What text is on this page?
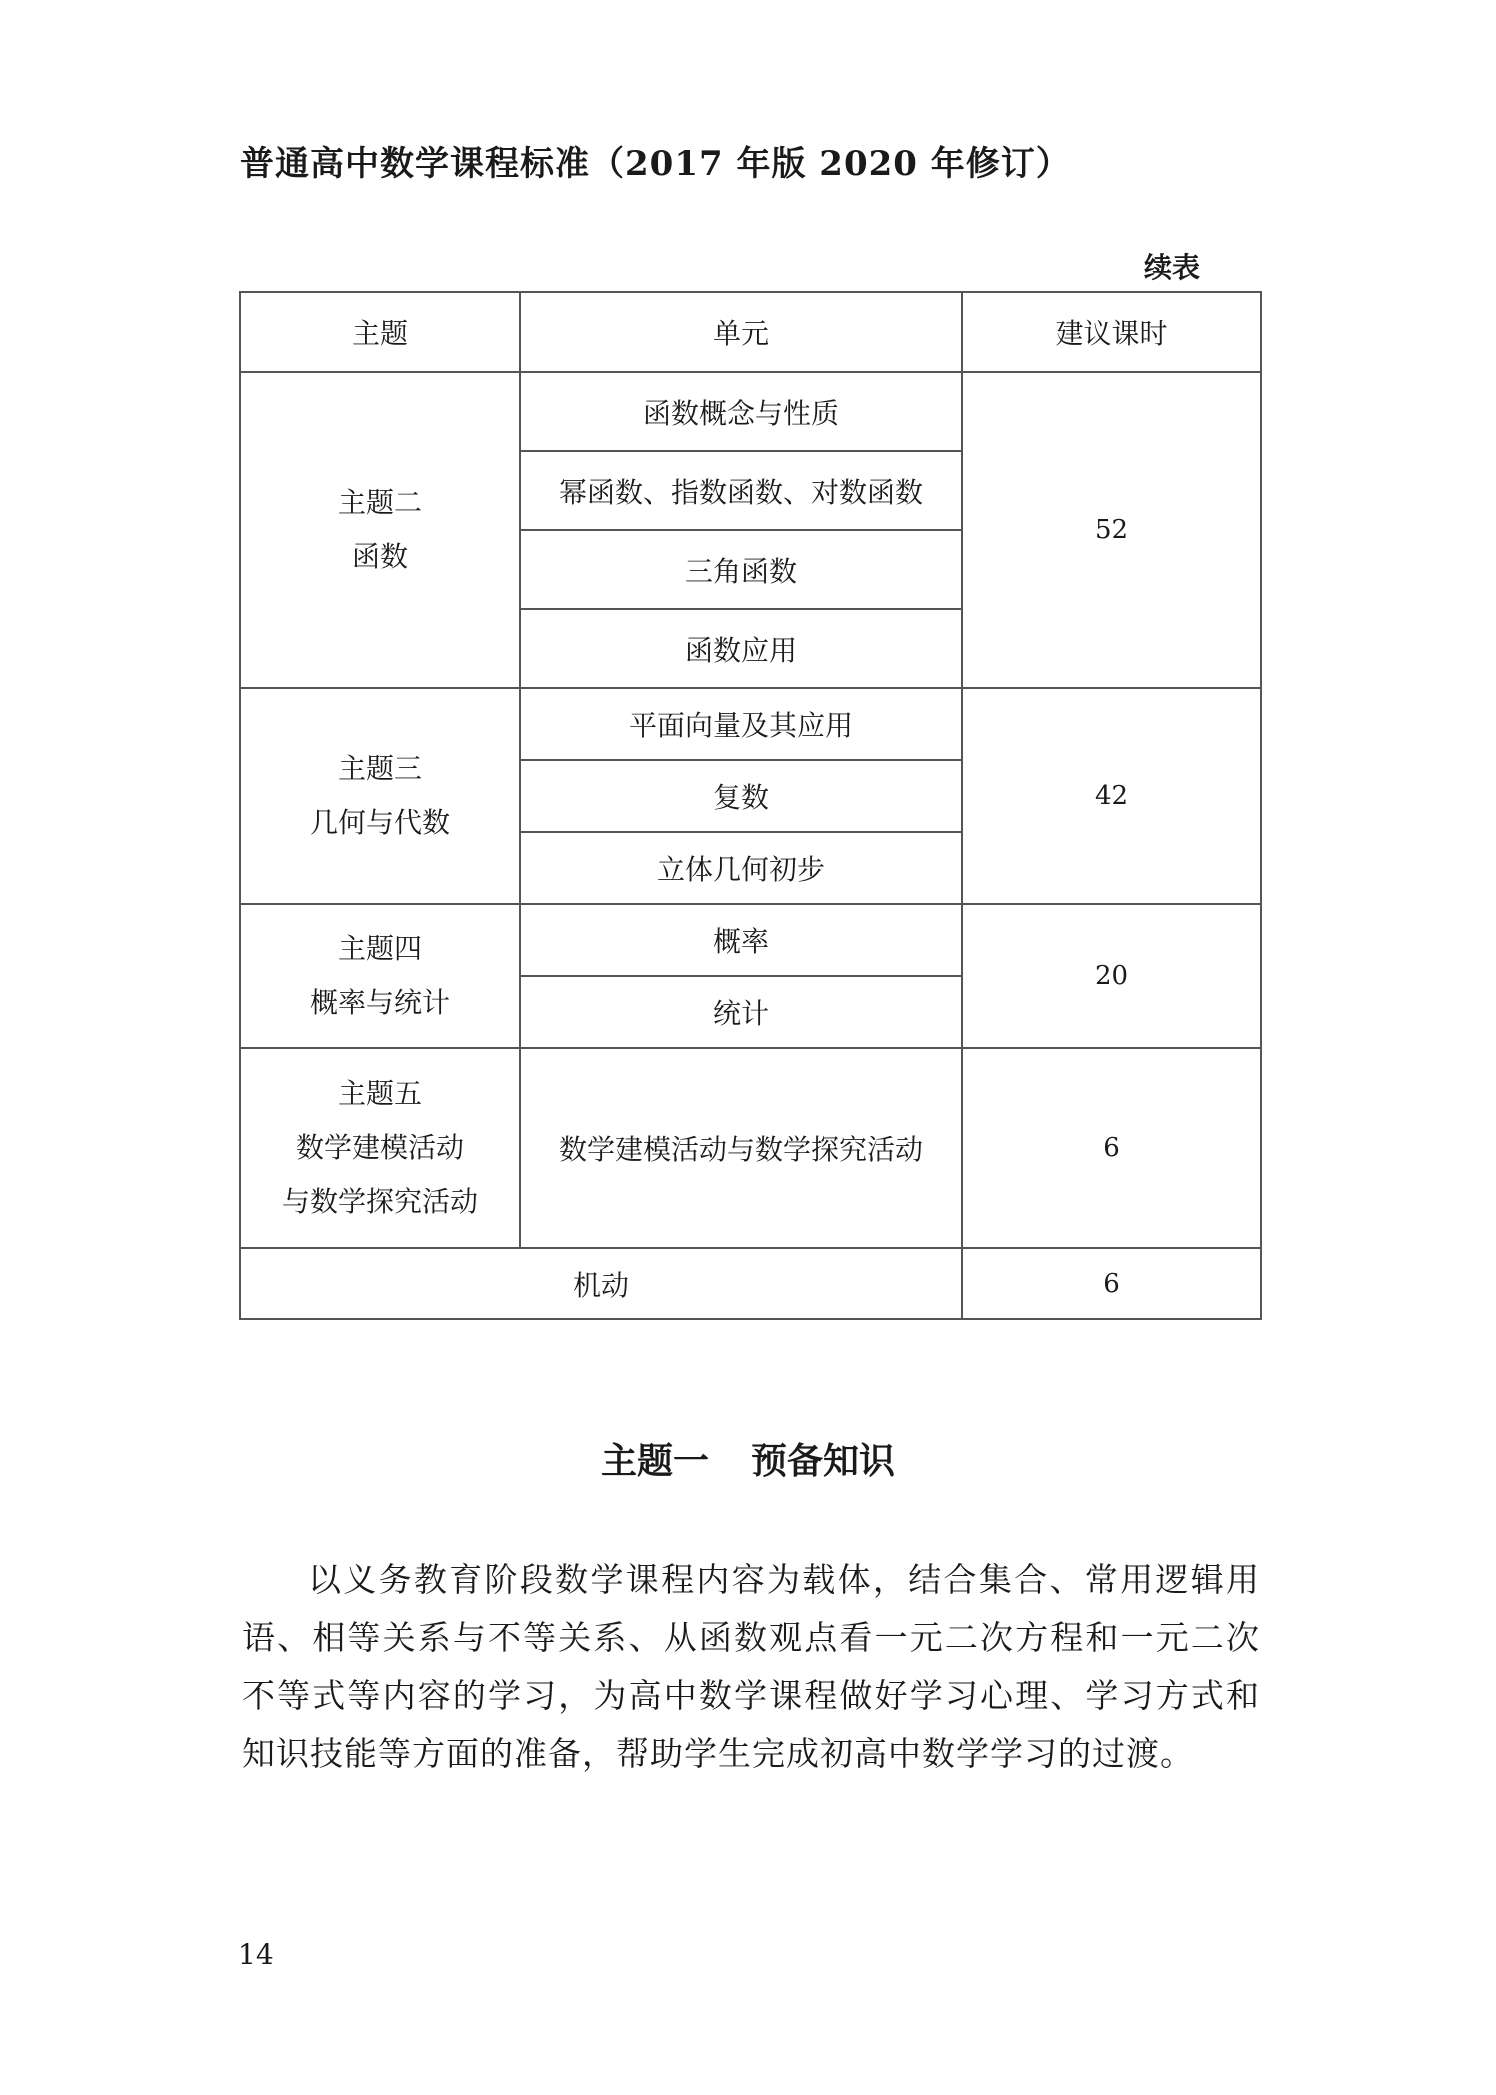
普通高中数学课程标准（2017 年版 2020 年修订）
续表
主题	单元	建议课时

主题二
函数	函数概念与性质	52
	幂函数、指数函数、对数函数	
	三角函数	
	函数应用	

主题三
几何与代数	平面向量及其应用	42
	复数	
	立体几何初步	

主题四
概率与统计	概率	20
	统计	

主题五
数学建模活动
与数学探究活动	数学建模活动与数学探究活动	6
机动		6
主题一 预备知识

以义务教育阶段数学课程内容为载体，结合集合、常用逻辑用语、相等关系与不等关系、从函数观点看一元二次方程和一元二次不等式等内容的学习，为高中数学课程做好学习心理、学习方式和知识技能等方面的准备，帮助学生完成初高中数学学习的过渡。

14
